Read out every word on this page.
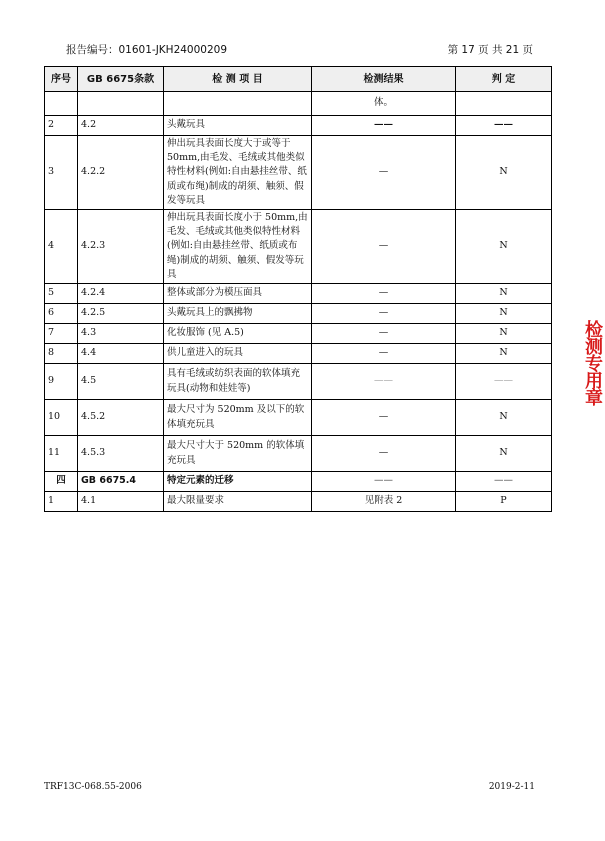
报告编号：01601-JKH24000209	第 17 页 共 21 页
序号	GB 6675条款	检 测 项 目	检测结果	判 定
			体。	
2	4.2	头戴玩具	——	——
3	4.2.2	伸出玩具表面长度大于或等于50mm,由毛发、毛绒或其他类似特性材料(例如:自由悬挂丝带、纸质或布绳)制成的胡须、触须、假发等玩具	—	N
4	4.2.3	伸出玩具表面长度小于 50mm,由毛发、毛绒或其他类似特性材料(例如:自由悬挂丝带、纸质或布绳)制成的胡须、触须、假发等玩具	—	N
5	4.2.4	整体或部分为模压面具	—	N
6	4.2.5	头戴玩具上的飘拂物	—	N
7	4.3	化妆服饰 (见 A.5)	—	N
8	4.4	供儿童进入的玩具	—	N
9	4.5	具有毛绒或纺织表面的软体填充玩具(动物和娃娃等)	——	——
10	4.5.2	最大尺寸为 520mm 及以下的软体填充玩具	—	N
11	4.5.3	最大尺寸大于 520mm 的软体填充玩具	—	N
四	GB 6675.4	特定元素的迁移	——	——
1	4.1	最大限量要求	见附表 2	P
检测专用章
TRF13C-068.55-2006	2019-2-11
